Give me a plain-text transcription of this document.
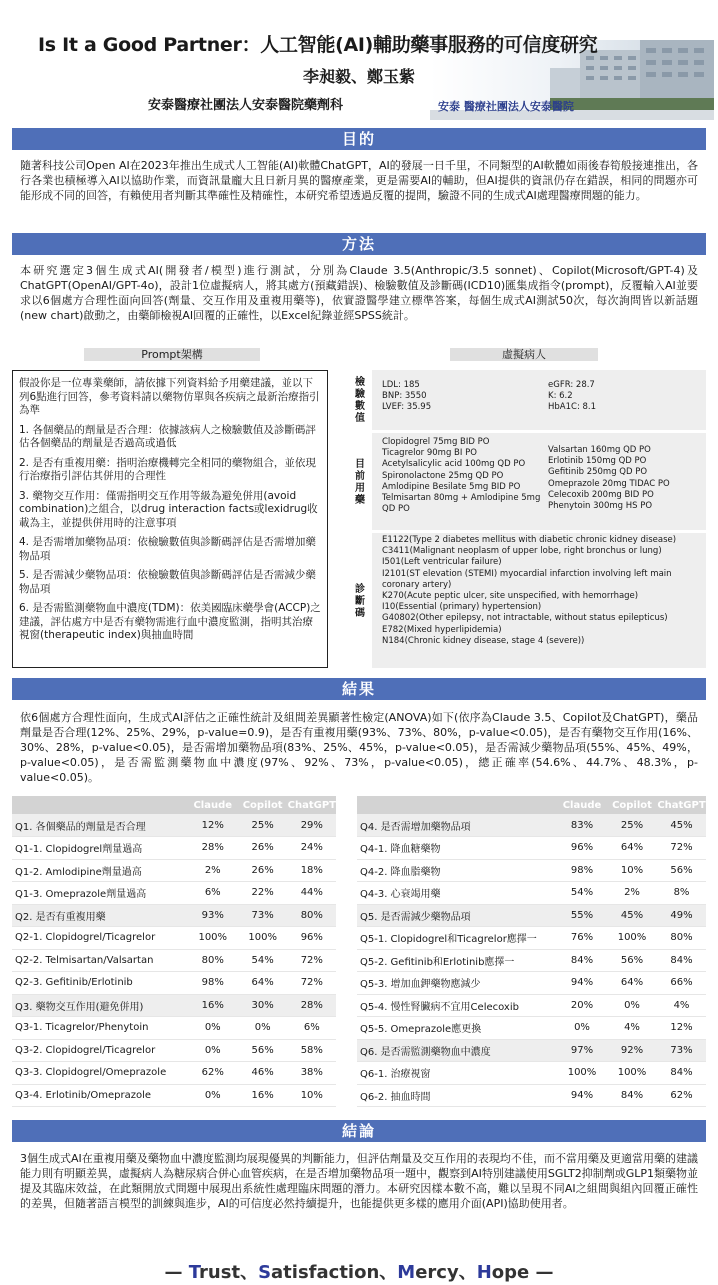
安泰 醫療社團法人安泰醫院
Is It a Good Partner：人工智能(AI)輔助藥事服務的可信度研究
李昶毅、鄭玉紫
安泰醫療社團法人安泰醫院藥劑科
目的
隨著科技公司Open AI在2023年推出生成式人工智能(AI)軟體ChatGPT，AI的發展一日千里，不同類型的AI軟體如雨後春筍般接連推出，各行各業也積極導入AI以協助作業，而資訊量龐大且日新月異的醫療產業，更是需要AI的輔助，但AI提供的資訊仍存在錯誤，相同的問題亦可能形成不同的回答，有賴使用者判斷其準確性及精確性，本研究希望透過反覆的提問，驗證不同的生成式AI處理醫療問題的能力。
方法
本研究選定3個生成式AI(開發者/模型)進行測試，分別為Claude 3.5(Anthropic/3.5 sonnet)、Copilot(Microsoft/GPT-4)及ChatGPT(OpenAI/GPT-4o)，設計1位虛擬病人，將其處方(預藏錯誤)、檢驗數值及診斷碼(ICD10)匯集成指令(prompt)，反覆輸入AI並要求以6個處方合理性面向回答(劑量、交互作用及重複用藥等)，依實證醫學建立標準答案，每個生成式AI測試50次，每次詢問皆以新話題(new chart)啟動之，由藥師檢視AI回覆的正確性，以Excel紀錄並經SPSS統計。
Prompt架構	虛擬病人

假設你是一位專業藥師，請依據下列資料給予用藥建議，並以下列6點進行回答，參考資料請以藥物仿單與各疾病之最新治療指引為準

1. 各個藥品的劑量是否合理：依據該病人之檢驗數值及診斷碼評估各個藥品的劑量是否過高或過低

2. 是否有重複用藥：指明治療機轉完全相同的藥物組合，並依現行治療指引評估其併用的合理性

3. 藥物交互作用：僅需指明交互作用等級為避免併用(avoid combination)之組合，以drug interaction facts或lexidrug收載為主，並提供併用時的注意事項

4. 是否需增加藥物品項：依檢驗數值與診斷碼評估是否需增加藥物品項

5. 是否需減少藥物品項：依檢驗數值與診斷碼評估是否需減少藥物品項

6. 是否需監測藥物血中濃度(TDM)：依美國臨床藥學會(ACCP)之建議，評估處方中是否有藥物需進行血中濃度監測，指明其治療視窗(therapeutic index)與抽血時間

檢驗數值	LDL: 185
BNP: 3550
LVEF: 35.95
eGFR: 28.7
K: 6.2
HbA1C: 8.1
目前用藥
Clopidogrel 75mg BID PO
Ticagrelor 90mg BI PO
Acetylsalicylic acid 100mg QD PO
Spironolactone 25mg QD PO
Amlodipine Besilate 5mg BID PO
Telmisartan 80mg + Amlodipine 5mg QD PO
Valsartan 160mg QD PO
Erlotinib 150mg QD PO
Gefitinib 250mg QD PO
Omeprazole 20mg TIDAC PO
Celecoxib 200mg BID PO
Phenytoin 300mg HS PO
診斷碼
E1122(Type 2 diabetes mellitus with diabetic chronic kidney disease)
C3411(Malignant neoplasm of upper lobe, right bronchus or lung)
I501(Left ventricular failure)
I2101(ST elevation (STEMI) myocardial infarction involving left main coronary artery)
K270(Acute peptic ulcer, site unspecified, with hemorrhage)
I10(Essential (primary) hypertension)
G40802(Other epilepsy, not intractable, without status epilepticus)
E782(Mixed hyperlipidemia)
N184(Chronic kidney disease, stage 4 (severe))
結果
依6個處方合理性面向，生成式AI評估之正確性統計及組間差異顯著性檢定(ANOVA)如下(依序為Claude 3.5、Copilot及ChatGPT)，藥品劑量是否合理(12%、25%、29%，p-value=0.9)，是否有重複用藥(93%、73%、80%，p-value<0.05)，是否有藥物交互作用(16%、30%、28%，p-value<0.05)，是否需增加藥物品項(83%、25%、45%，p-value<0.05)，是否需減少藥物品項(55%、45%、49%，p-value<0.05)，是否需監測藥物血中濃度(97%、92%、73%，p-value<0.05)，總正確率(54.6%、44.7%、48.3%，p-value<0.05)。
	Claude	Copilot	ChatGPT
Q1. 各個藥品的劑量是否合理	12%	25%	29%
Q1-1. Clopidogrel劑量過高	28%	26%	24%
Q1-2. Amlodipine劑量過高	2%	26%	18%
Q1-3. Omeprazole劑量過高	6%	22%	44%
Q2. 是否有重複用藥	93%	73%	80%
Q2-1. Clopidogrel/Ticagrelor	100%	100%	96%
Q2-2. Telmisartan/Valsartan	80%	54%	72%
Q2-3. Gefitinib/Erlotinib	98%	64%	72%
Q3. 藥物交互作用(避免併用)	16%	30%	28%
Q3-1. Ticagrelor/Phenytoin	0%	0%	6%
Q3-2. Clopidogrel/Ticagrelor	0%	56%	58%
Q3-3. Clopidogrel/Omeprazole	62%	46%	38%
Q3-4. Erlotinib/Omeprazole	0%	16%	10%
	Claude	Copilot	ChatGPT
Q4. 是否需增加藥物品項	83%	25%	45%
Q4-1. 降血糖藥物	96%	64%	72%
Q4-2. 降血脂藥物	98%	10%	56%
Q4-3. 心衰竭用藥	54%	2%	8%
Q5. 是否需減少藥物品項	55%	45%	49%
Q5-1. Clopidogrel和Ticagrelor應擇一	76%	100%	80%
Q5-2. Gefitinib和Erlotinib應擇一	84%	56%	84%
Q5-3. 增加血鉀藥物應減少	94%	64%	66%
Q5-4. 慢性腎臟病不宜用Celecoxib	20%	0%	4%
Q5-5. Omeprazole應更換	0%	4%	12%
Q6. 是否需監測藥物血中濃度	97%	92%	73%
Q6-1. 治療視窗	100%	100%	84%
Q6-2. 抽血時間	94%	84%	62%
結論
3個生成式AI在重複用藥及藥物血中濃度監測均展現優異的判斷能力，但評估劑量及交互作用的表現均不佳，而不當用藥及更適當用藥的建議能力則有明顯差異，虛擬病人為糖尿病合併心血管疾病，在是否增加藥物品項一題中，觀察到AI特別建議使用SGLT2抑制劑或GLP1類藥物並提及其臨床效益，在此類開放式問題中展現出系統性處理臨床問題的潛力。本研究因樣本數不高，難以呈現不同AI之組間與組內回覆正確性的差異，但隨著語言模型的訓練與進步，AI的可信度必然持續提升，也能提供更多樣的應用介面(API)協助使用者。
— Trust、Satisfaction、Mercy、Hope —
